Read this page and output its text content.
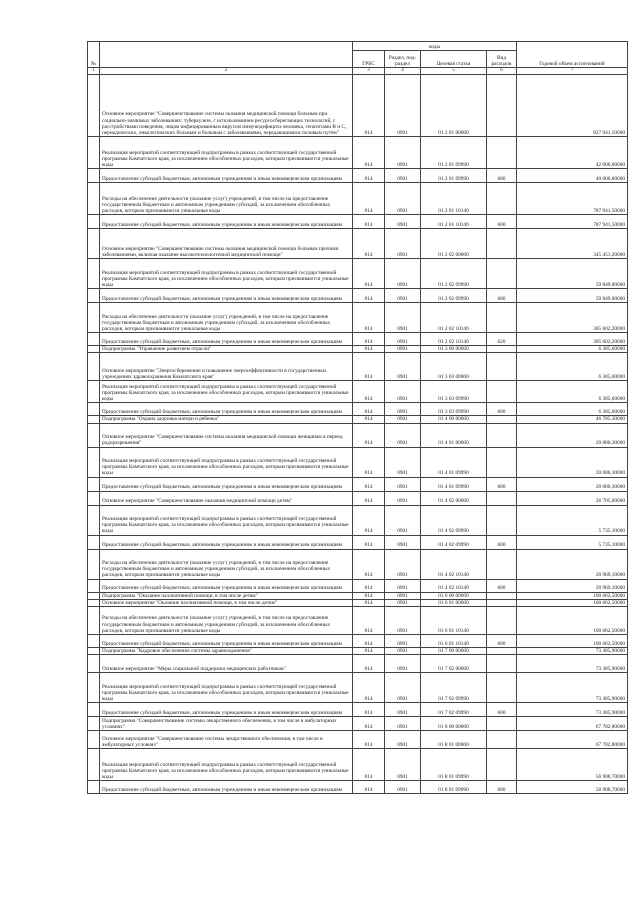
№		коды				Годовой объем ассигнований
		ГРБС	Раздел, под-раздел	Целевая статья	Вид расходов	
1	2	3	4	5	6	7
	Основное мероприятие "Совершенствование системы оказания медицинской помощи больным при социально-значимых заболеваниях: туберкулезе, с использованием ресурсосберегающих технологий, с расстройствами поведения, лицам инфицированным вирусом иммунодефицита человека, гепатитами В и С, периодических, онкологических больным и больным с заболеваниями, передающимися половым путём"	814	0901	01 2 01 00000		827 941,50000
	Реализация мероприятий соответствующей подпрограммы в рамках соответствующей государственной программы Камчатского края, за исключением обособленных расходов, которым присваиваются уникальные коды	814	0901	01 2 01 09990		42 000,00000
	Предоставление субсидий бюджетным, автономным учреждениям и иным некоммерческим организациям	814	0901	01 2 01 09990	600	40 000,00000
	Расходы на обеспечение деятельности (оказание услуг) учреждений, в том числе на предоставление государственным бюджетным и автономным учреждениям субсидий, за исключением обособленных расходов, которым присваиваются уникальные коды	814	0901	01 2 01 10140		787 941,50000
	Предоставление субсидий бюджетным, автономным учреждениям и иным некоммерческим организациям	814	0901	01 2 01 10140	600	787 941,50000
	Основное мероприятие "Совершенствование системы оказания медицинской помощи больным прочими заболеваниями, включая оказание высокотехнологичной медицинской помощи"	814	0901	01 2 02 00000		345 451,20000
	Реализация мероприятий соответствующей подпрограммы в рамках соответствующей государственной программы Камчатского края, за исключением обособленных расходов, которым присваиваются уникальные коды	814	0901	01 2 02 09990		59 849,00000
	Предоставление субсидий бюджетным, автономным учреждениям и иным некоммерческим организациям	814	0901	01 2 02 09990	600	59 849,00000
	Расходы на обеспечение деятельности (оказание услуг) учреждений, в том числе на предоставление государственным бюджетным и автономным учреждениям субсидий, за исключением обособленных расходов, которым присваиваются уникальные коды	814	0901	01 2 02 10140		305 602,20000
	Предоставление субсидий бюджетным, автономным учреждениям и иным некоммерческим организациям	814	0901	01 2 02 10140	620	305 602,20000
	Подпрограмма "Управление развитием отрасли"	814	0901	01 3 00 00000		6 385,60000
	Основное мероприятие "Энергосбережение и повышение энергоэффективности в государственных учреждениях здравоохранения Камчатского края"	814	0901	01 3 03 00000		6 385,60000
	Реализация мероприятий соответствующей подпрограммы в рамках соответствующей государственной программы Камчатского края, за исключением обособленных расходов, которым присваиваются уникальные коды	814	0901	01 3 03 09990		6 385,60000
	Предоставление субсидий бюджетным, автономным учреждениям и иным некоммерческим организациям	814	0901	01 3 03 09990	600	6 385,60000
	Подпрограмма "Охрана здоровья матери и ребенка"	814	0901	01 4 00 00000		46 785,30000
	Основное мероприятие "Совершенствование системы оказания медицинской помощи женщинам в период родоразрешения"	814	0901	01 4 01 00000		20 080,30000
	Реализация мероприятий соответствующей подпрограммы в рамках соответствующей государственной программы Камчатского края, за исключением обособленных расходов, которым присваиваются уникальные коды	814	0901	01 4 01 09990		20 080,30000
	Предоставление субсидий бюджетным, автономным учреждениям и иным некоммерческим организациям	814	0901	01 4 01 09990	600	20 080,30000
	Основное мероприятие "Совершенствование оказания медицинской помощи детям"	814	0901	01 4 02 00000		26 705,00000
	Реализация мероприятий соответствующей подпрограммы в рамках соответствующей государственной программы Камчатского края, за исключением обособленных расходов, которым присваиваются уникальные коды	814	0901	01 4 02 09990		5 735,10000
	Предоставление субсидий бюджетным, автономным учреждениям и иным некоммерческим организациям	814	0901	01 4 02 09990	600	5 735,10000
	Расходы на обеспечение деятельности (оказание услуг) учреждений, в том числе на предоставление государственным бюджетным и автономным учреждениям субсидий, за исключением обособленных расходов, которым присваиваются уникальные коды	814	0901	01 4 02 10140		20 969,10000
	Предоставление субсидий бюджетным, автономным учреждениям и иным некоммерческим организациям	814	0901	01 4 02 10140	600	20 969,10000
	Подпрограмма "Оказание паллиативной помощи, в том числе детям"	814	0901	01 6 00 00000		100 662,50000
	Основное мероприятие "Оказание паллиативной помощи, в том числе детям"	814	0901	01 6 01 00000		100 662,50000
	Расходы на обеспечение деятельности (оказание услуг) учреждений, в том числе на предоставление государственным бюджетным и автономным учреждениям субсидий, за исключением обособленных расходов, которым присваиваются уникальные коды	814	0901	01 6 01 10140		100 662,50000
	Предоставление субсидий бюджетным, автономным учреждениям и иным некоммерческим организациям	814	0901	01 6 01 10140	600	100 662,50000
	Подпрограмма "Кадровое обеспечение системы здравоохранения"	814	0901	01 7 00 00000		73 385,90000
	Основное мероприятие "Меры социальной поддержки медицинских работников"	814	0901	01 7 02 00000		73 385,90000
	Реализация мероприятий соответствующей подпрограммы в рамках соответствующей государственной программы Камчатского края, за исключением обособленных расходов, которым присваиваются уникальные коды	814	0901	01 7 02 09990		73 385,90000
	Предоставление субсидий бюджетным, автономным учреждениям и иным некоммерческим организациям	814	0901	01 7 02 09990	600	73 385,90000
	Подпрограмма "Совершенствование системы лекарственного обеспечения, в том числе в амбулаторных условиях"	814	0901	01 8 00 00000		67 782,80000
	Основное мероприятие "Совершенствование системы лекарственного обеспечения, в том числе в амбулаторных условиях"	814	0901	01 8 01 00000		67 782,80000
	Реализация мероприятий соответствующей подпрограммы в рамках соответствующей государственной программы Камчатского края, за исключением обособленных расходов, которым присваиваются уникальные коды	814	0901	01 8 01 09990		56 908,70000
	Предоставление субсидий бюджетным, автономным учреждениям и иным некоммерческим организациям	814	0901	01 8 01 09990	600	56 908,70000
